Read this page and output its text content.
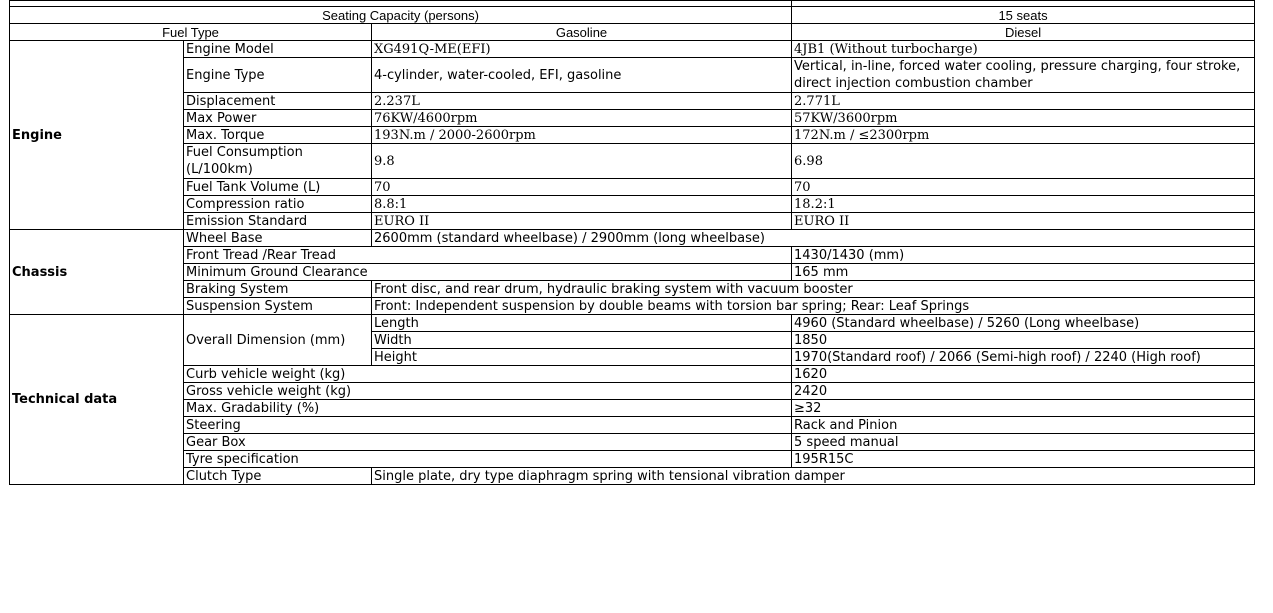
Seating Capacity (persons)			15 seats
Fuel Type		Gasoline	Diesel
Engine	Engine Model	XG491Q-ME(EFI)	4JB1 (Without turbocharge)
	Engine Type	4-cylinder, water-cooled, EFI, gasoline	Vertical, in-line, forced water cooling, pressure charging, four stroke, direct injection combustion chamber
	Displacement	2.237L	2.771L
	Max Power	76KW/4600rpm	57KW/3600rpm
	Max. Torque	193N.m / 2000-2600rpm	172N.m / ≤2300rpm
	Fuel Consumption (L/100km)	9.8	6.98
	Fuel Tank Volume (L)	70	70
	Compression ratio	8.8:1	18.2:1
	Emission Standard	EURO II	EURO II
Chassis	Wheel Base	2600mm (standard wheelbase) / 2900mm (long wheelbase)	
	Front Tread /Rear Tread		1430/1430 (mm)
	Minimum Ground Clearance		165 mm
	Braking System	Front disc, and rear drum, hydraulic braking system with vacuum booster	
	Suspension System	Front: Independent suspension by double beams with torsion bar spring; Rear: Leaf Springs	
Technical data	Overall Dimension (mm)	Length	4960 (Standard wheelbase) / 5260 (Long wheelbase)
		Width	1850
		Height	1970(Standard roof) / 2066 (Semi-high roof) / 2240 (High roof)
	Curb vehicle weight (kg)		1620
	Gross vehicle weight (kg)		2420
	Max. Gradability (%)		≥32
	Steering		Rack and Pinion
	Gear Box		5 speed manual
	Tyre specification		195R15C
	Clutch Type	Single plate, dry type diaphragm spring with tensional vibration damper	
